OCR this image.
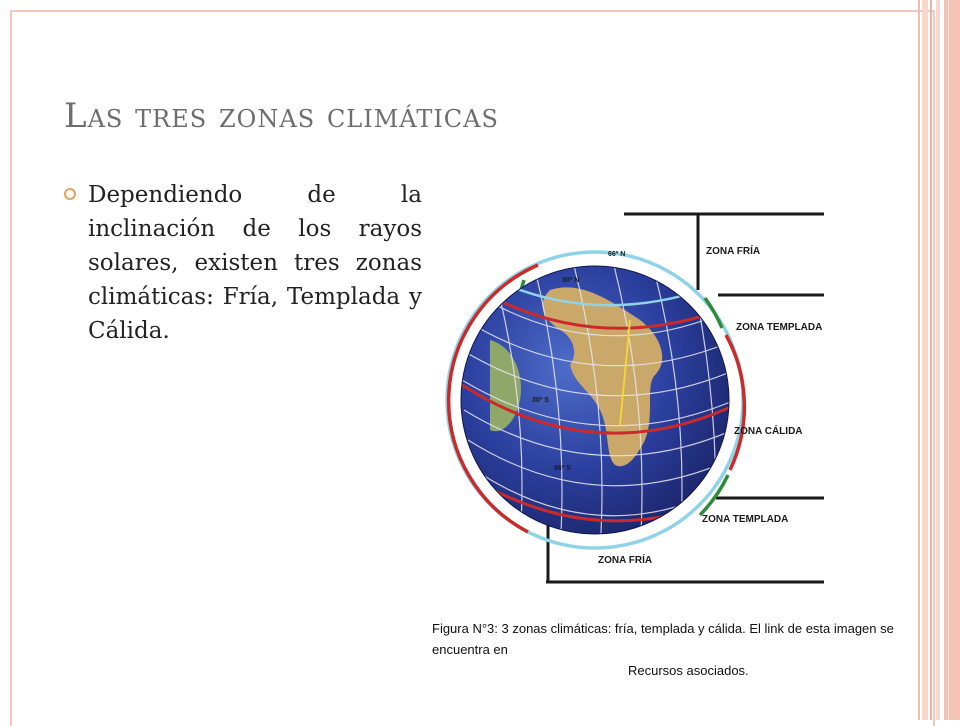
Las tres zonas climáticas

Dependiendo de la inclinación de los rayos solares, existen tres zonas climáticas: Fría, Templada y Cálida.

66º N
30º N
30º S
66º S
ZONA FRÍA
ZONA TEMPLADA
ZONA CÁLIDA
ZONA TEMPLADA
ZONA FRÍA

Figura N°3: 3 zonas climáticas: fría, templada y cálida. El link de esta imagen se encuentra en
Recursos asociados.
